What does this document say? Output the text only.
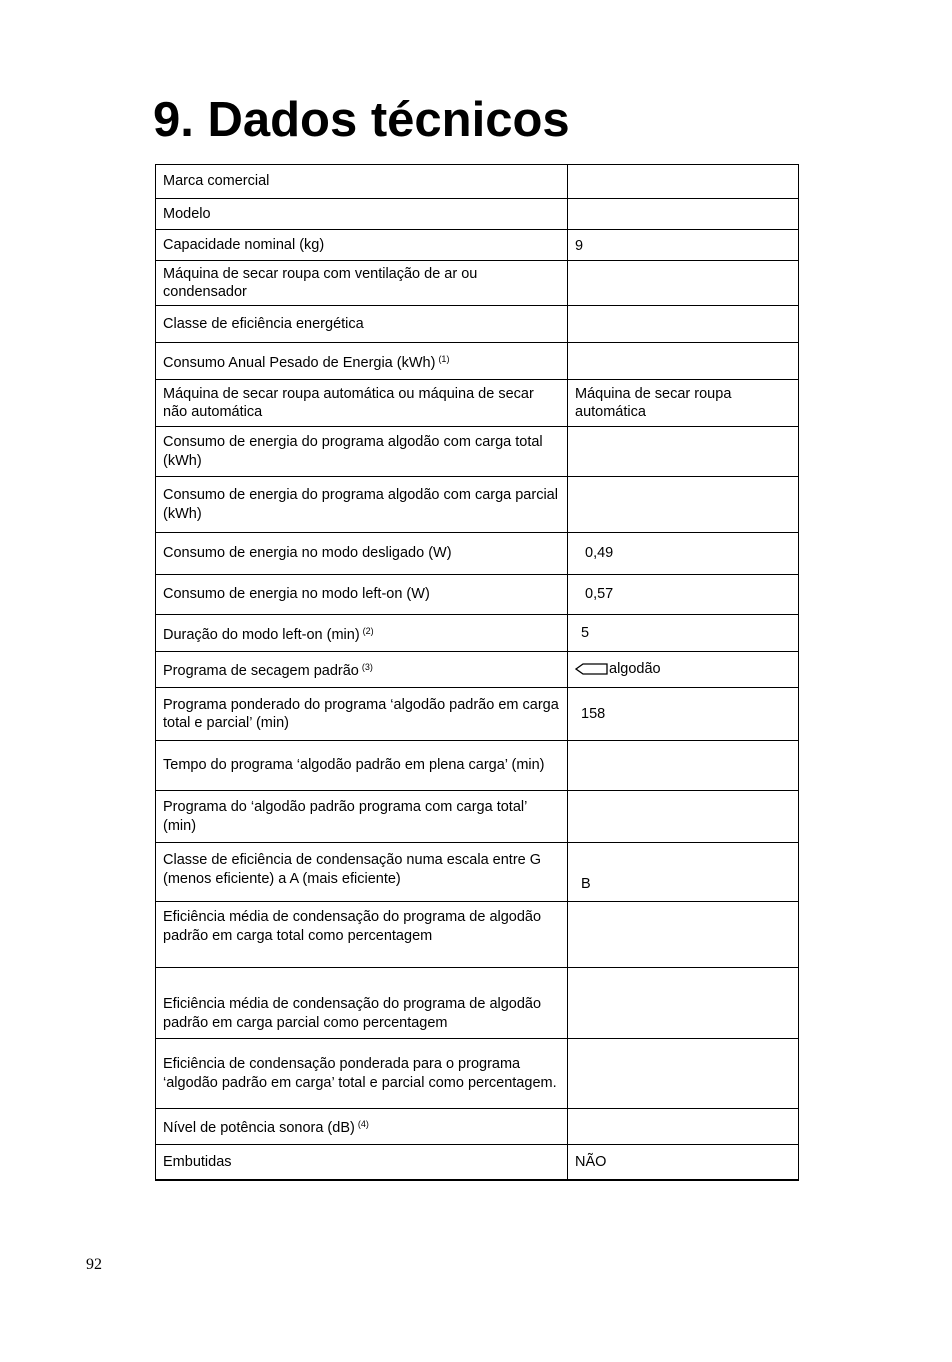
9. Dados técnicos
Marca comercial	
Modelo	
Capacidade nominal (kg)	9
Máquina de secar roupa com ventilação de ar ou condensador	
Classe de eficiência energética	
Consumo Anual Pesado de Energia (kWh) $^{(1)}$	
Máquina de secar roupa automática ou máquina de secar não automática	Máquina de secar roupa automática
Consumo de energia do programa algodão com carga total (kWh)	
Consumo de energia do programa algodão com carga parcial (kWh)	
Consumo de energia no modo desligado (W)	0,49
Consumo de energia no modo left-on (W)	0,57
Duração do modo left-on (min) $^{(2)}$	5
Programa de secagem padrão $^{(3)}$	algodão
Programa ponderado do programa ‘algodão padrão em carga total e parcial’ (min)	158
Tempo do programa ‘algodão padrão em plena carga’ (min)	
Programa do ‘algodão padrão programa com carga total’ (min)	
Classe de eficiência de condensação numa escala entre G (menos eficiente) a A (mais eficiente)	B
Eficiência média de condensação do programa de algodão padrão em carga total como percentagem	
Eficiência média de condensação do programa de algodão padrão em carga parcial como percentagem	
Eficiência de condensação ponderada para o programa ‘algodão padrão em carga’ total e parcial como percentagem.	
Nível de potência sonora (dB) $^{(4)}$	
Embutidas	NÃO
92
